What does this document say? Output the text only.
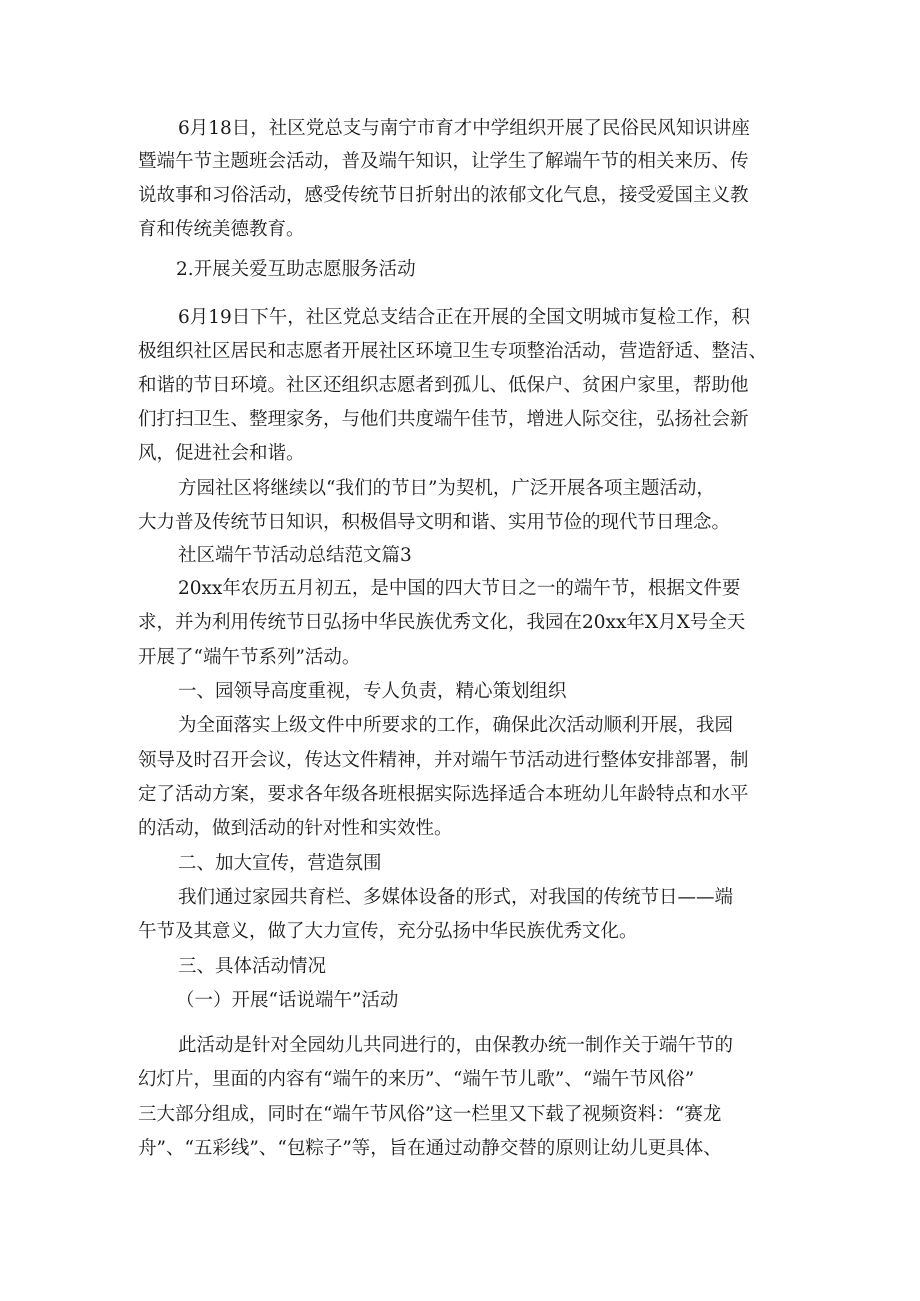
6月18日，社区党总支与南宁市育才中学组织开展了民俗民风知识讲座

暨端午节主题班会活动，普及端午知识，让学生了解端午节的相关来历、传

说故事和习俗活动，感受传统节日折射出的浓郁文化气息，接受爱国主义教

育和传统美德教育。

2.开展关爱互助志愿服务活动

6月19日下午，社区党总支结合正在开展的全国文明城市复检工作，积

极组织社区居民和志愿者开展社区环境卫生专项整治活动，营造舒适、整洁、

和谐的节日环境。社区还组织志愿者到孤儿、低保户、贫困户家里，帮助他

们打扫卫生、整理家务，与他们共度端午佳节，增进人际交往，弘扬社会新

风，促进社会和谐。

方园社区将继续以“我们的节日”为契机，广泛开展各项主题活动，

大力普及传统节日知识，积极倡导文明和谐、实用节俭的现代节日理念。

社区端午节活动总结范文篇3

20xx年农历五月初五，是中国的四大节日之一的端午节，根据文件要

求，并为利用传统节日弘扬中华民族优秀文化，我园在20xx年X月X号全天

开展了“端午节系列”活动。

一、园领导高度重视，专人负责，精心策划组织

为全面落实上级文件中所要求的工作，确保此次活动顺利开展，我园

领导及时召开会议，传达文件精神，并对端午节活动进行整体安排部署，制

定了活动方案，要求各年级各班根据实际选择适合本班幼儿年龄特点和水平

的活动，做到活动的针对性和实效性。

二、加大宣传，营造氛围

我们通过家园共育栏、多媒体设备的形式，对我国的传统节日——端

午节及其意义，做了大力宣传，充分弘扬中华民族优秀文化。

三、具体活动情况

（一）开展“话说端午”活动

此活动是针对全园幼儿共同进行的，由保教办统一制作关于端午节的

幻灯片，里面的内容有“端午的来历”、“端午节儿歌”、“端午节风俗”

三大部分组成，同时在“端午节风俗”这一栏里又下载了视频资料：“赛龙

舟”、“五彩线”、“包粽子”等，旨在通过动静交替的原则让幼儿更具体、
